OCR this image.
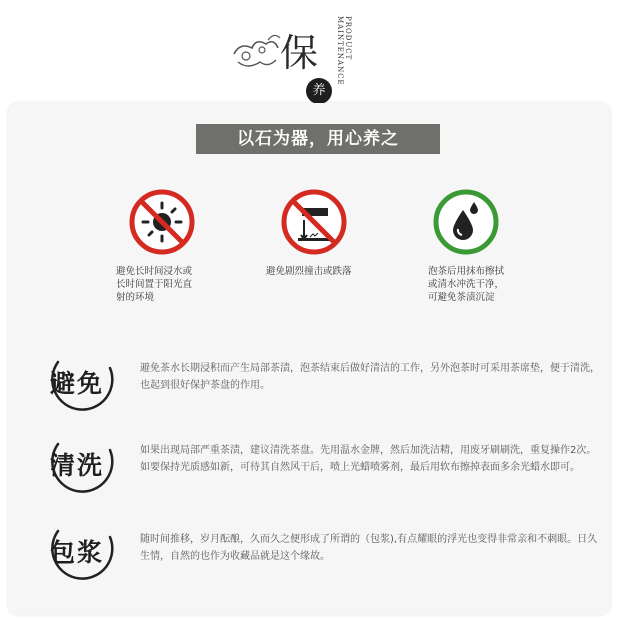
保
养
PRODUCT MAINTENANCE
以石为器，用心养之
避免长时间浸水或
长时间置于阳光直
射的环境
避免剧烈撞击或跌落	泡茶后用抹布擦拭
或清水冲洗干净，
可避免茶渍沉淀
避免
避免茶水长期浸积而产生局部茶渍，泡茶结束后做好清洁的工作，另外泡茶时可采用茶席垫，便于清洗，也起到很好保护茶盘的作用。
清洗
如果出现局部严重茶渍，建议清洗茶盘。先用温水金牌，然后加洗洁精，用废牙刷刷洗，重复操作2次。如要保持光质感如新，可待其自然风干后，喷上光蜡喷雾剂，最后用软布擦掉表面多余光蜡水即可。
包浆	随时间推移，岁月酝酿，久而久之便形成了所谓的（包浆),有点耀眼的浮光也变得非常亲和不刺眼。日久生情，自然的也作为收藏品就是这个缘故。
